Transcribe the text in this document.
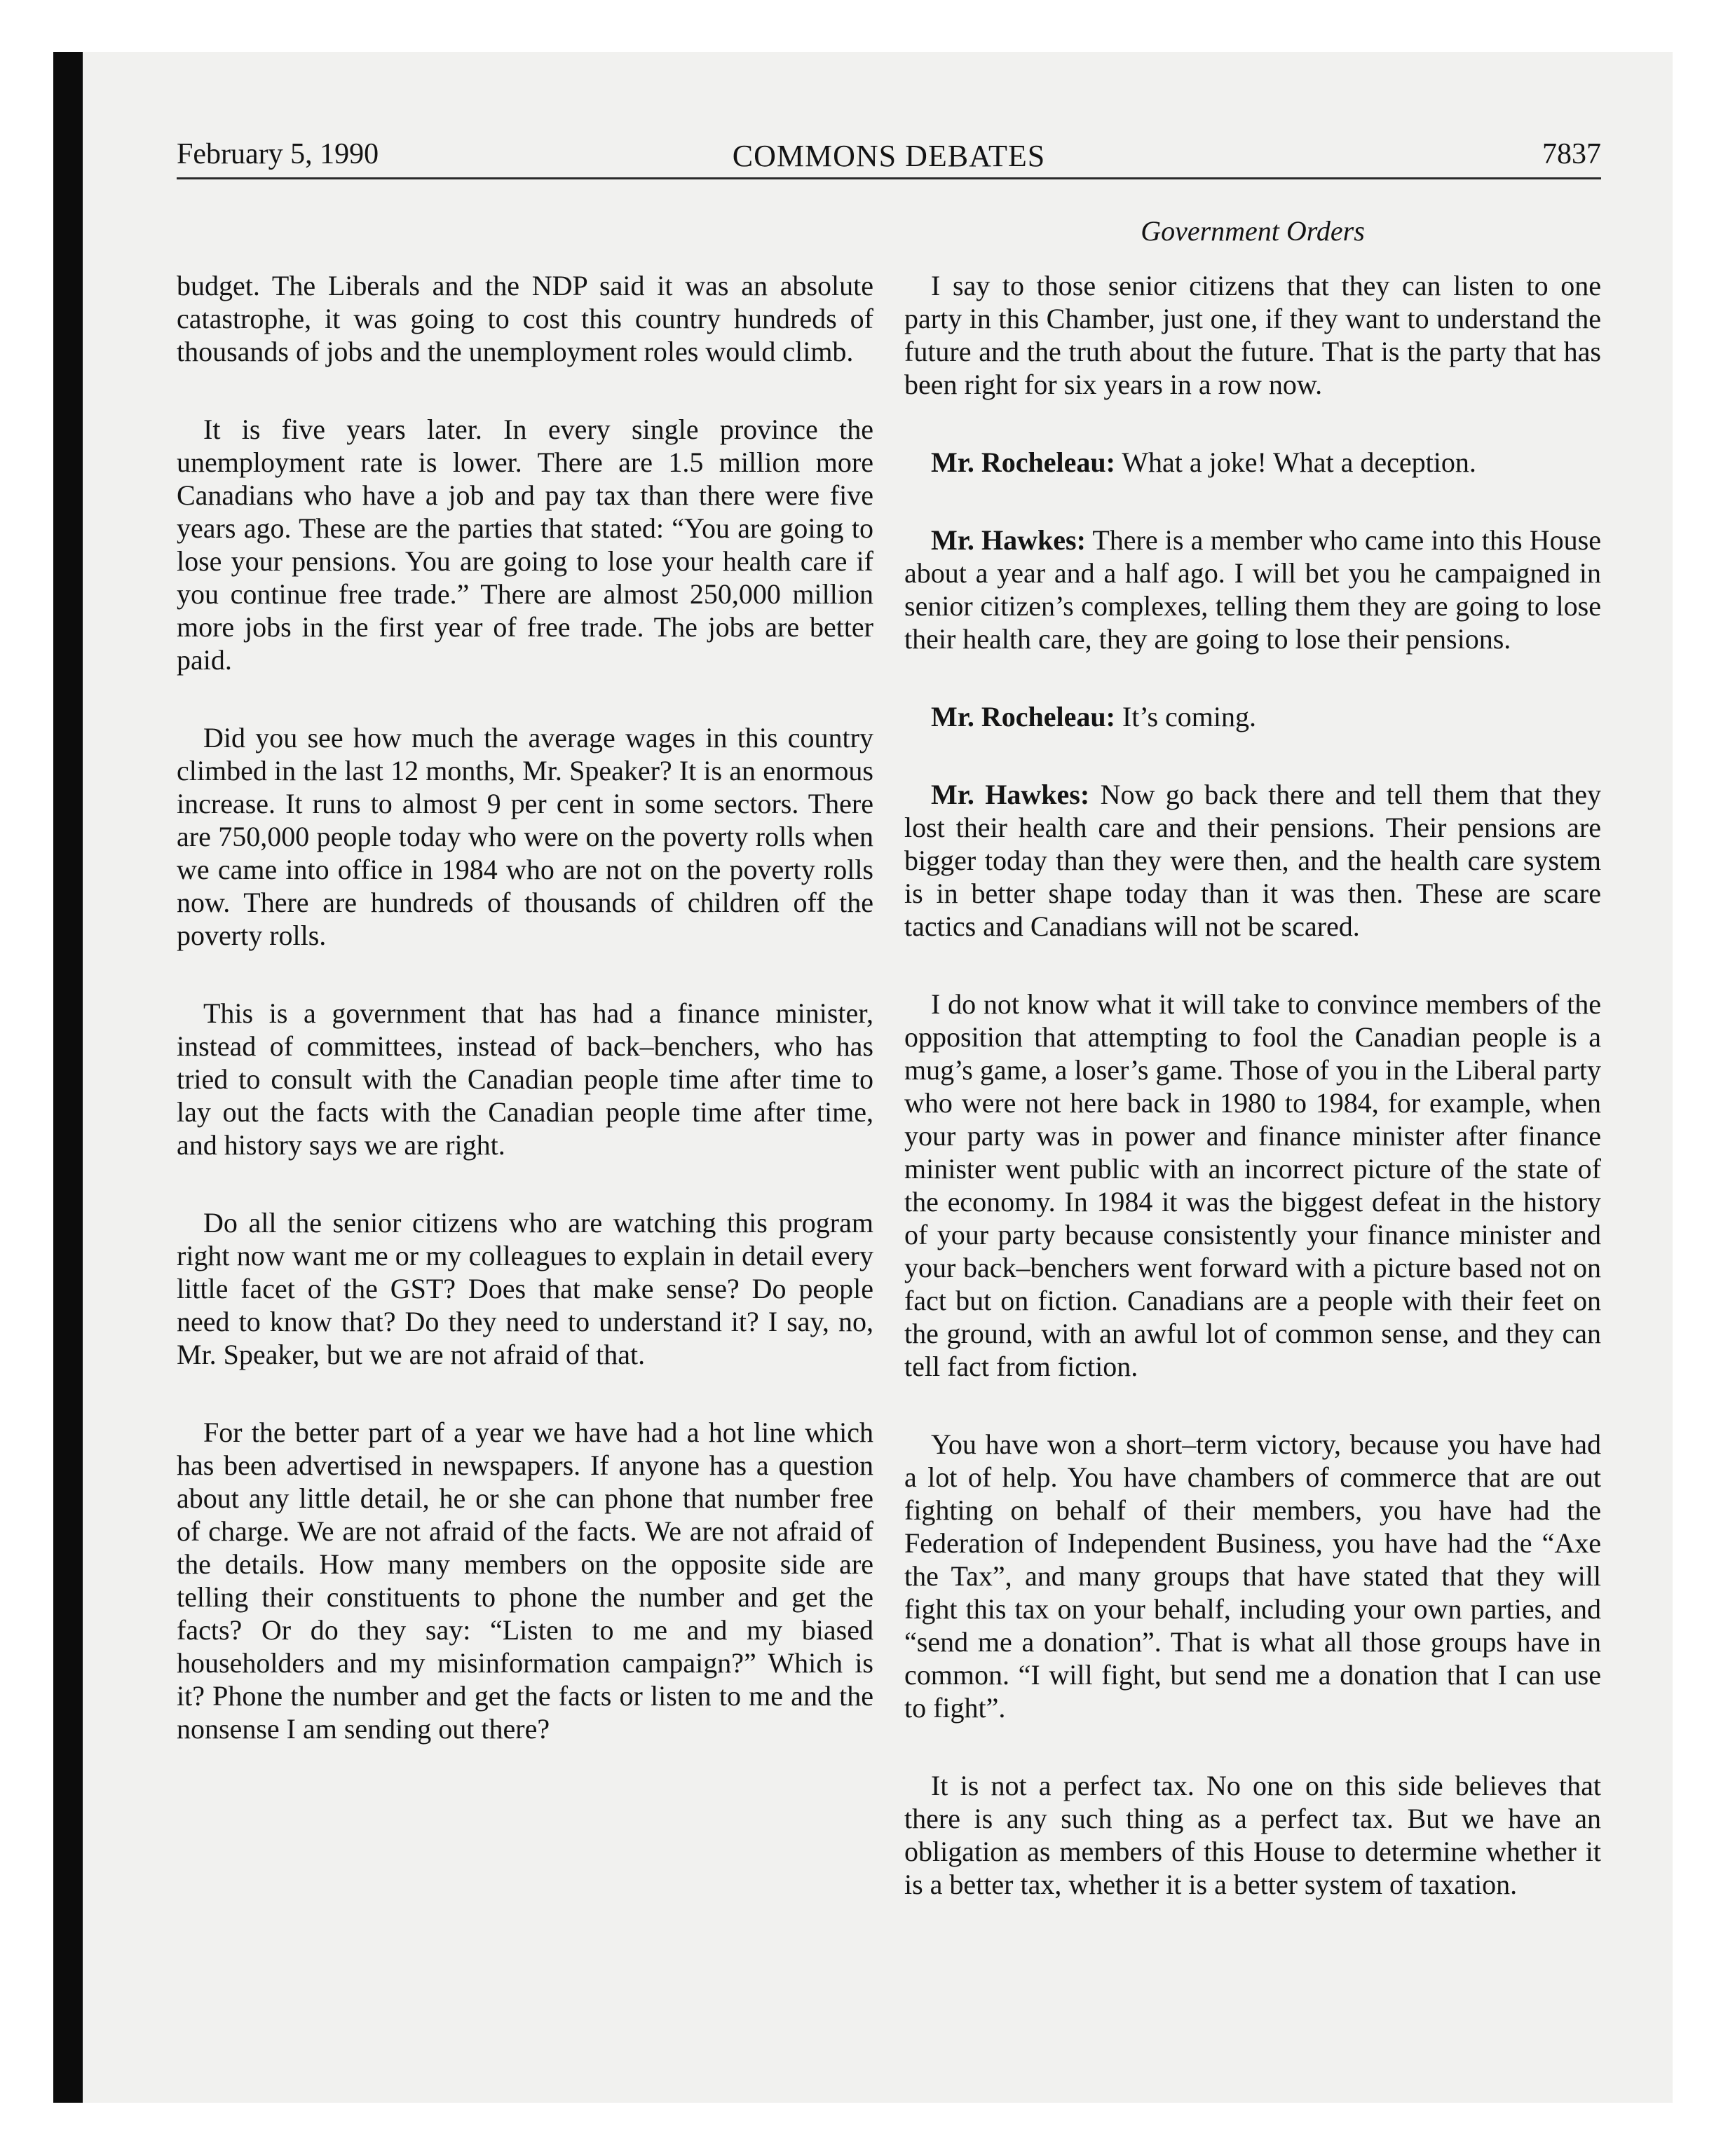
February 5, 1990	COMMONS DEBATES	7837
Government Orders

budget. The Liberals and the NDP said it was an absolute catastrophe, it was going to cost this country hundreds of thousands of jobs and the unemployment roles would climb.

It is five years later. In every single province the unemployment rate is lower. There are 1.5 million more Canadians who have a job and pay tax than there were five years ago. These are the parties that stated: “You are going to lose your pensions. You are going to lose your health care if you continue free trade.” There are almost 250,000 million more jobs in the first year of free trade. The jobs are better paid.

Did you see how much the average wages in this country climbed in the last 12 months, Mr. Speaker? It is an enormous increase. It runs to almost 9 per cent in some sectors. There are 750,000 people today who were on the poverty rolls when we came into office in 1984 who are not on the poverty rolls now. There are hundreds of thousands of children off the poverty rolls.

This is a government that has had a finance minister, instead of committees, instead of back–benchers, who has tried to consult with the Canadian people time after time to lay out the facts with the Canadian people time after time, and history says we are right.

Do all the senior citizens who are watching this program right now want me or my colleagues to explain in detail every little facet of the GST? Does that make sense? Do people need to know that? Do they need to understand it? I say, no, Mr. Speaker, but we are not afraid of that.

For the better part of a year we have had a hot line which has been advertised in newspapers. If anyone has a question about any little detail, he or she can phone that number free of charge. We are not afraid of the facts. We are not afraid of the details. How many members on the opposite side are telling their constituents to phone the number and get the facts? Or do they say: “Listen to me and my biased householders and my misinformation campaign?” Which is it? Phone the number and get the facts or listen to me and the nonsense I am sending out there?

I say to those senior citizens that they can listen to one party in this Chamber, just one, if they want to understand the future and the truth about the future. That is the party that has been right for six years in a row now.

Mr. Rocheleau: What a joke! What a deception.

Mr. Hawkes: There is a member who came into this House about a year and a half ago. I will bet you he campaigned in senior citizen’s complexes, telling them they are going to lose their health care, they are going to lose their pensions.

Mr. Rocheleau: It’s coming.

Mr. Hawkes: Now go back there and tell them that they lost their health care and their pensions. Their pensions are bigger today than they were then, and the health care system is in better shape today than it was then. These are scare tactics and Canadians will not be scared.

I do not know what it will take to convince members of the opposition that attempting to fool the Canadian people is a mug’s game, a loser’s game. Those of you in the Liberal party who were not here back in 1980 to 1984, for example, when your party was in power and finance minister after finance minister went public with an incorrect picture of the state of the economy. In 1984 it was the biggest defeat in the history of your party because consistently your finance minister and your back–benchers went forward with a picture based not on fact but on fiction. Canadians are a people with their feet on the ground, with an awful lot of common sense, and they can tell fact from fiction.

You have won a short–term victory, because you have had a lot of help. You have chambers of commerce that are out fighting on behalf of their members, you have had the Federation of Independent Business, you have had the “Axe the Tax”, and many groups that have stated that they will fight this tax on your behalf, including your own parties, and “send me a donation”. That is what all those groups have in common. “I will fight, but send me a donation that I can use to fight”.

It is not a perfect tax. No one on this side believes that there is any such thing as a perfect tax. But we have an obligation as members of this House to determine whether it is a better tax, whether it is a better system of taxation.
